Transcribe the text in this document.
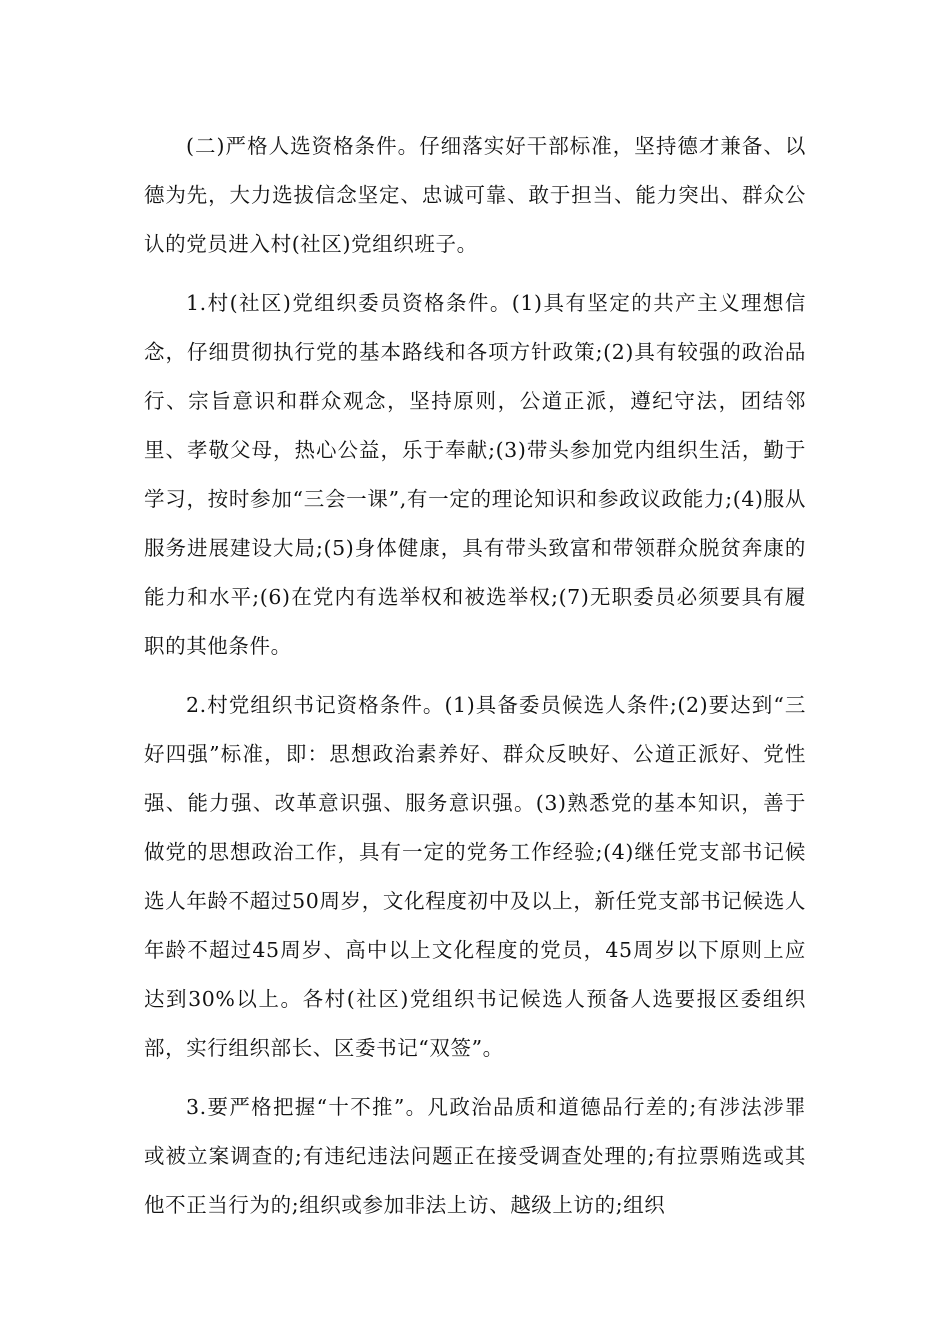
(二)严格人选资格条件。仔细落实好干部标准，坚持德才兼备、以德为先，大力选拔信念坚定、忠诚可靠、敢于担当、能力突出、群众公认的党员进入村(社区)党组织班子。

1.村(社区)党组织委员资格条件。(1)具有坚定的共产主义理想信念，仔细贯彻执行党的基本路线和各项方针政策;(2)具有较强的政治品行、宗旨意识和群众观念，坚持原则，公道正派，遵纪守法，团结邻里、孝敬父母，热心公益，乐于奉献;(3)带头参加党内组织生活，勤于学习，按时参加“三会一课”,有一定的理论知识和参政议政能力;(4)服从服务进展建设大局;(5)身体健康，具有带头致富和带领群众脱贫奔康的能力和水平;(6)在党内有选举权和被选举权;(7)无职委员必须要具有履职的其他条件。

2.村党组织书记资格条件。(1)具备委员候选人条件;(2)要达到“三好四强”标准，即：思想政治素养好、群众反映好、公道正派好、党性强、能力强、改革意识强、服务意识强。(3)熟悉党的基本知识，善于做党的思想政治工作，具有一定的党务工作经验;(4)继任党支部书记候选人年龄不超过50周岁，文化程度初中及以上，新任党支部书记候选人年龄不超过45周岁、高中以上文化程度的党员，45周岁以下原则上应达到30%以上。各村(社区)党组织书记候选人预备人选要报区委组织部，实行组织部长、区委书记“双签”。

3.要严格把握“十不推”。凡政治品质和道德品行差的;有涉法涉罪或被立案调查的;有违纪违法问题正在接受调查处理的;有拉票贿选或其他不正当行为的;组织或参加非法上访、越级上访的;组织
